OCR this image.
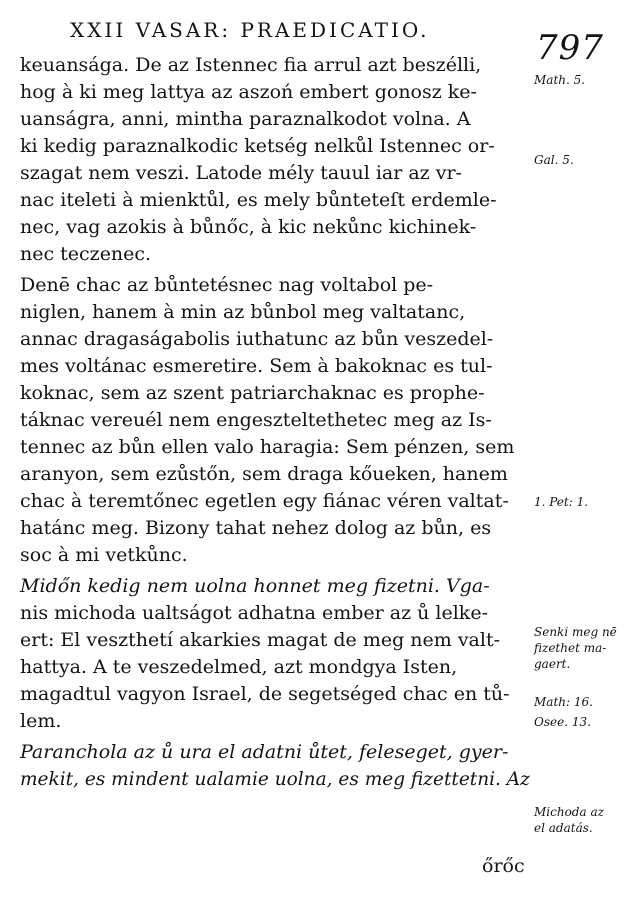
XXII VASAR: PRAEDICATIO.	797
keuansága. De az Istennec fia arrul azt beszélli,
hog à ki meg lattya az aszoń embert gonosz ke-
uanságra, anni, mintha paraznalkodot volna. A
ki kedig paraznalkodic ketség nelkůl Istennec or-
szagat nem veszi. Latode mély tauul iar az vr-
nac iteleti à mienktůl, es mely bůnteteſt erdemle-
nec, vag azokis à bůnőc, à kic nekůnc kichinek-
nec teczenec.
Denē chac az bůntetésnec nag voltabol pe-
niglen, hanem à min az bůnbol meg valtatanc,
annac dragaságabolis iuthatunc az bůn veszedel-
mes voltánac esmeretire. Sem à bakoknac es tul-
koknac, sem az szent patriarchaknac es prophe-
táknac vereuél nem engeszteltethetec meg az Is-
tennec az bůn ellen valo haragia: Sem pénzen, sem
aranyon, sem ezůstőn, sem draga kőueken, hanem
chac à teremtőnec egetlen egy fiánac véren valtat-
hatánc meg. Bizony tahat nehez dolog az bůn, es
soc à mi vetkůnc.
Midőn kedig nem uolna honnet meg fizetni. Vga-
nis michoda ualtságot adhatna ember az ů lelke-
ert: El veszthetí akarkies magat de meg nem valt-
hattya. A te veszedelmed, azt mondgya Isten,
magadtul vagyon Israel, de segetséged chac en tů-
lem.
Paranchola az ů ura el adatni ůtet, feleseget, gyer-
mekit, es mindent ualamie uolna, es meg fizettetni. Az
őrőc
Math. 5.
Gal. 5.
1. Pet: 1.
Senki meg nē
fizethet ma-
gaert.
Math: 16.
Osee. 13.
Michoda az
el adatás.
